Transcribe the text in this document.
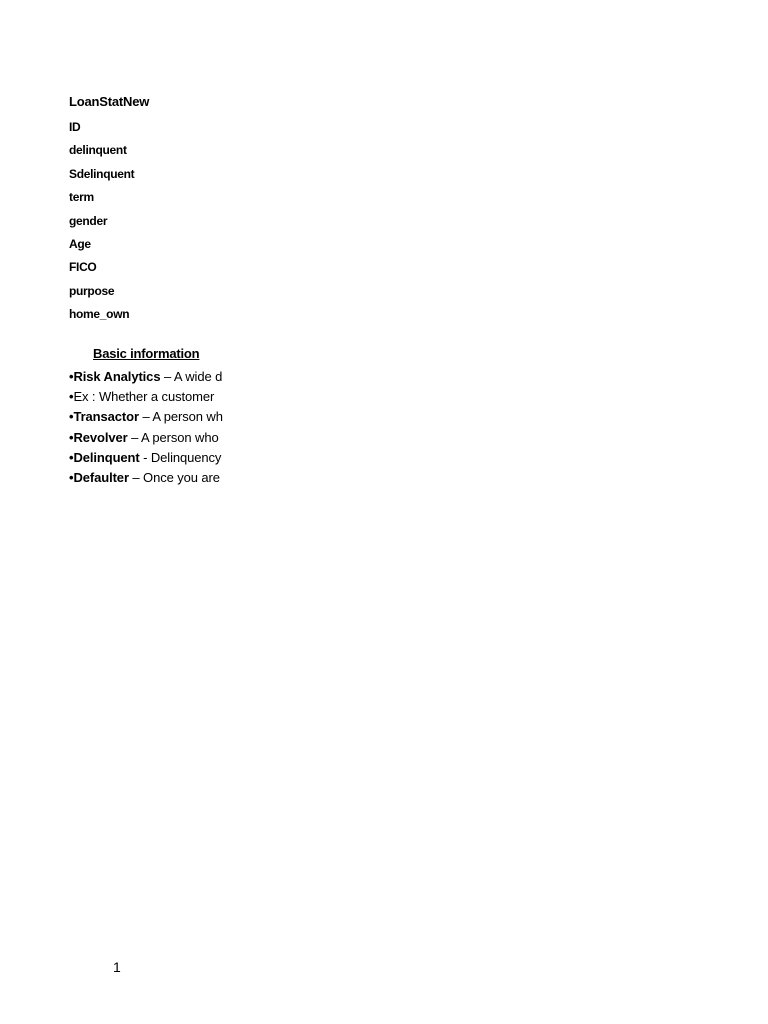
LoanStatNew
ID
delinquent
Sdelinquent
term
gender
Age
FICO
purpose
home_own
Basic information
•Risk Analytics – A wide d
•Ex : Whether a customer
•Transactor – A person wh
•Revolver – A person who
•Delinquent - Delinquency
•Defaulter – Once you are
1
